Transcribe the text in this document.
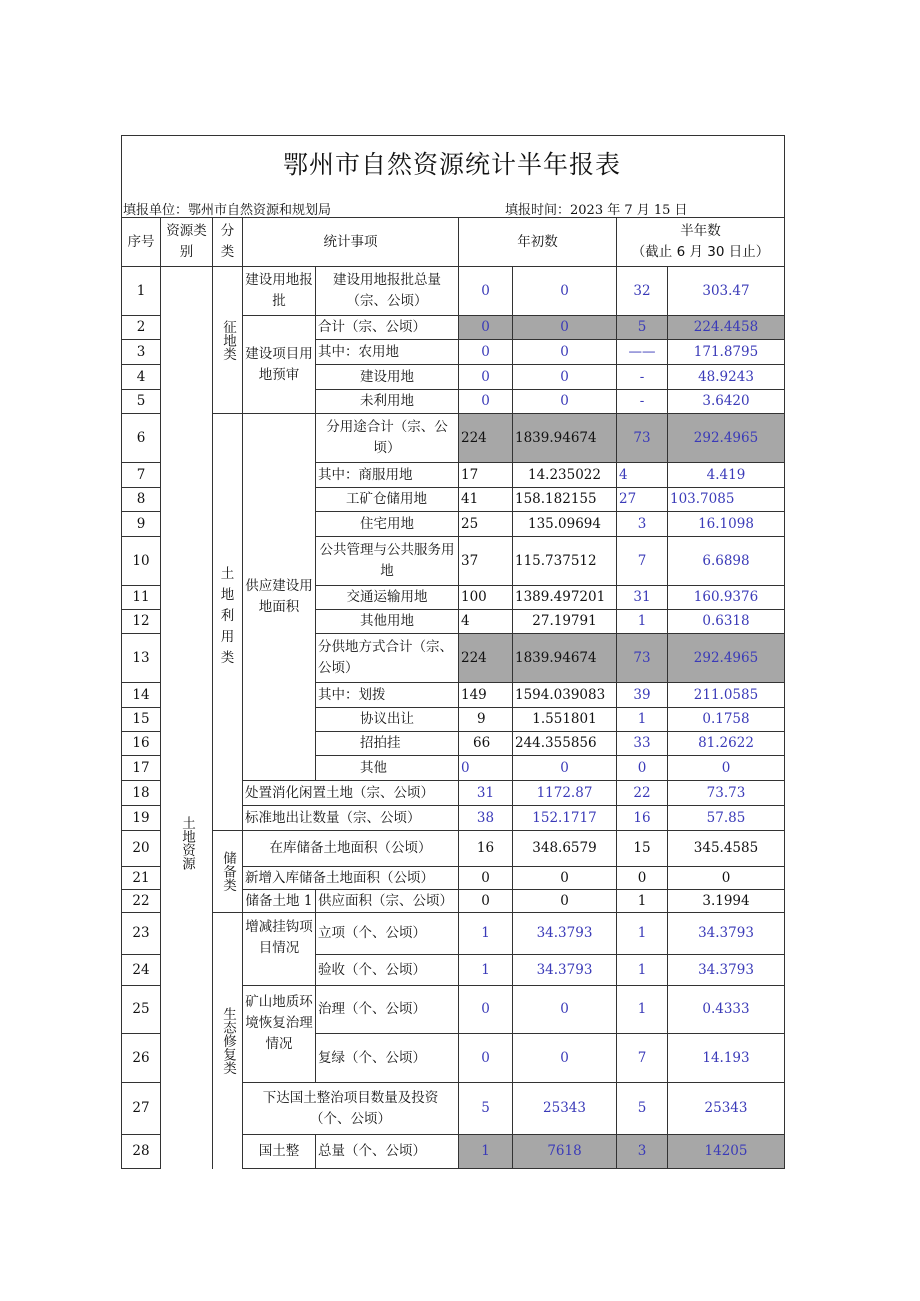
鄂州市自然资源统计半年报表
填报单位：鄂州市自然资源和规划局	填报时间：2023 年 7 月 15 日
序号	资源类别	分类	统计事项		年初数		半年数
（截止 6 月 30 日止）	
1	土地资源	征地类	建设用地报批	建设用地报批总量（宗、公顷）	0	0	32	303.47
2			建设项目用地预审	合计（宗、公顷）	0	0	5	224.4458
3				其中：农用地	0	0	——	171.8795
4				建设用地	0	0	-	48.9243
5				未利用地	0	0	-	3.6420
6		土地利用类	供应建设用地面积	分用途合计（宗、公顷）	224	1839.94674	73	292.4965
7				其中：商服用地	17	14.235022	4	4.419
8				工矿仓储用地	41	158.182155	27	103.7085
9				住宅用地	25	135.09694	3	16.1098
10				公共管理与公共服务用地	37	115.737512	7	6.6898
11				交通运输用地	100	1389.497201	31	160.9376
12				其他用地	4	27.19791	1	0.6318
13				分供地方式合计（宗、公顷）	224	1839.94674	73	292.4965
14				其中：划拨	149	1594.039083	39	211.0585
15				协议出让	9	1.551801	1	0.1758
16				招拍挂	66	244.355856	33	81.2622
17				其他	0	0	0	0
18			处置消化闲置土地（宗、公顷）		31	1172.87	22	73.73
19			标准地出让数量（宗、公顷）		38	152.1717	16	57.85
20		储备类	在库储备土地面积（公顷）		16	348.6579	15	345.4585
21			新增入库储备土地面积（公顷）		0	0	0	0
22			储备土地 1	供应面积（宗、公顷）	0	0	1	3.1994
23		生态修复类	增减挂钩项目情况	立项（个、公顷）	1	34.3793	1	34.3793
24				验收（个、公顷）	1	34.3793	1	34.3793
25			矿山地质环境恢复治理情况	治理（个、公顷）	0	0	1	0.4333
26				复绿（个、公顷）	0	0	7	14.193
27			下达国土整治项目数量及投资（个、公顷）		5	25343	5	25343
28			国土整	总量（个、公顷）	1	7618	3	14205
